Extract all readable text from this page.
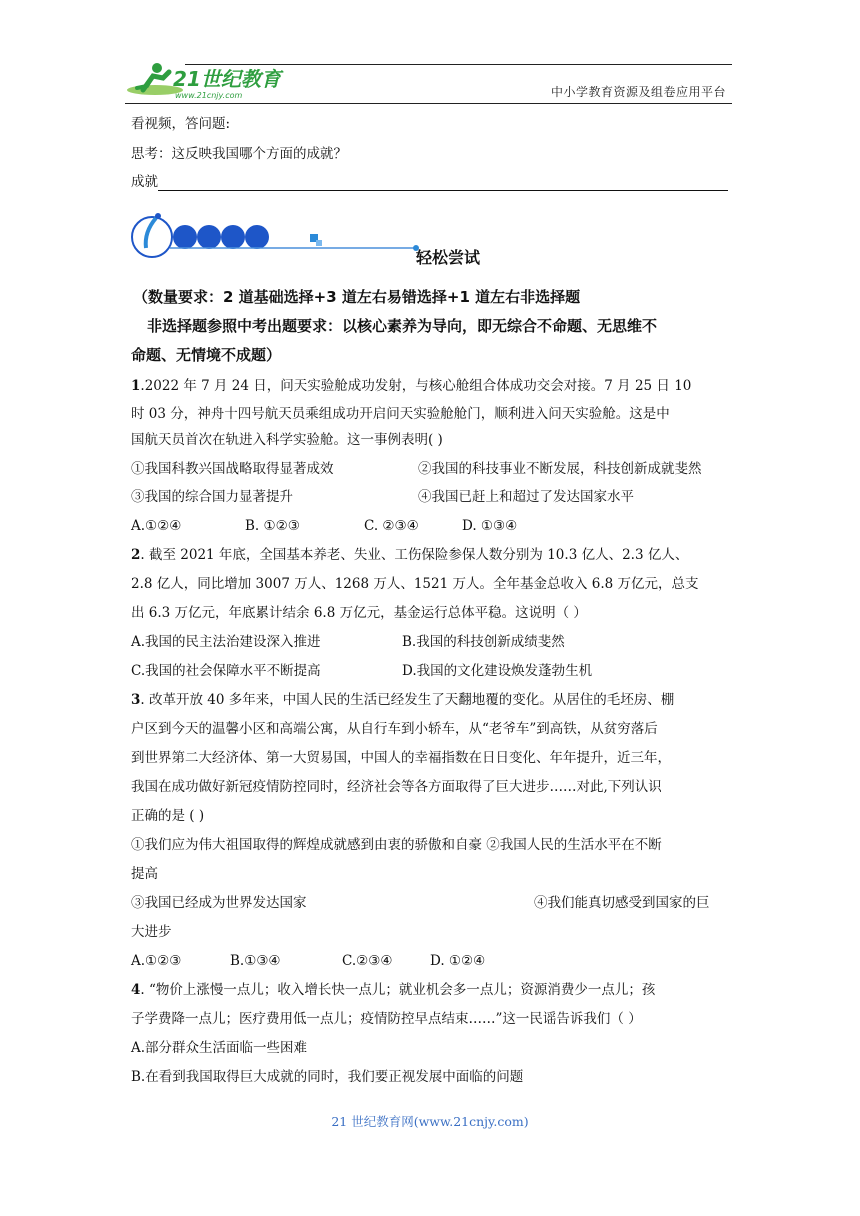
21世纪教育
www.21cnjy.com	中小学教育资源及组卷应用平台
看视频，答问题:
思考：这反映我国哪个方面的成就？
成就
轻松尝试
（数量要求：2 道基础选择+3 道左右易错选择+1 道左右非选择题
非选择题参照中考出题要求：以核心素养为导向，即无综合不命题、无思维不
命题、无情境不成题）
1.2022 年 7 月 24 日，问天实验舱成功发射，与核心舱组合体成功交会对接。7 月 25 日 10
时 03 分，神舟十四号航天员乘组成功开启问天实验舱舱门，顺利进入问天实验舱。这是中
国航天员首次在轨进入科学实验舱。这一事例表明( )
①我国科教兴国战略取得显著成效	②我国的科技事业不断发展，科技创新成就斐然
③我国的综合国力显著提升	④我国已赶上和超过了发达国家水平
A.①②④	B. ①②③	C. ②③④	D. ①③④
2. 截至 2021 年底，全国基本养老、失业、工伤保险参保人数分别为 10.3 亿人、2.3 亿人、
2.8 亿人，同比增加 3007 万人、1268 万人、1521 万人。全年基金总收入 6.8 万亿元，总支
出 6.3 万亿元，年底累计结余 6.8 万亿元，基金运行总体平稳。这说明（ ）
A.我国的民主法治建设深入推进	B.我国的科技创新成绩斐然
C.我国的社会保障水平不断提高	D.我国的文化建设焕发蓬勃生机
3. 改革开放 40 多年来，中国人民的生活已经发生了天翻地覆的变化。从居住的毛坯房、棚
户区到今天的温馨小区和高端公寓，从自行车到小轿车，从“老爷车”到高铁，从贫穷落后
到世界第二大经济体、第一大贸易国，中国人的幸福指数在日日变化、年年提升，近三年，
我国在成功做好新冠疫情防控同时，经济社会等各方面取得了巨大进步……对此,下列认识
正确的是 ( )
①我们应为伟大祖国取得的辉煌成就感到由衷的骄傲和自豪 ②我国人民的生活水平在不断
提高
③我国已经成为世界发达国家	④我们能真切感受到国家的巨
大进步
A.①②③	B.①③④	C.②③④	D. ①②④
4. “物价上涨慢一点儿；收入增长快一点儿；就业机会多一点儿；资源消费少一点儿；孩
子学费降一点儿；医疗费用低一点儿；疫情防控早点结束……”这一民谣告诉我们（ ）
A.部分群众生活面临一些困难
B.在看到我国取得巨大成就的同时，我们要正视发展中面临的问题
21 世纪教育网(www.21cnjy.com)
